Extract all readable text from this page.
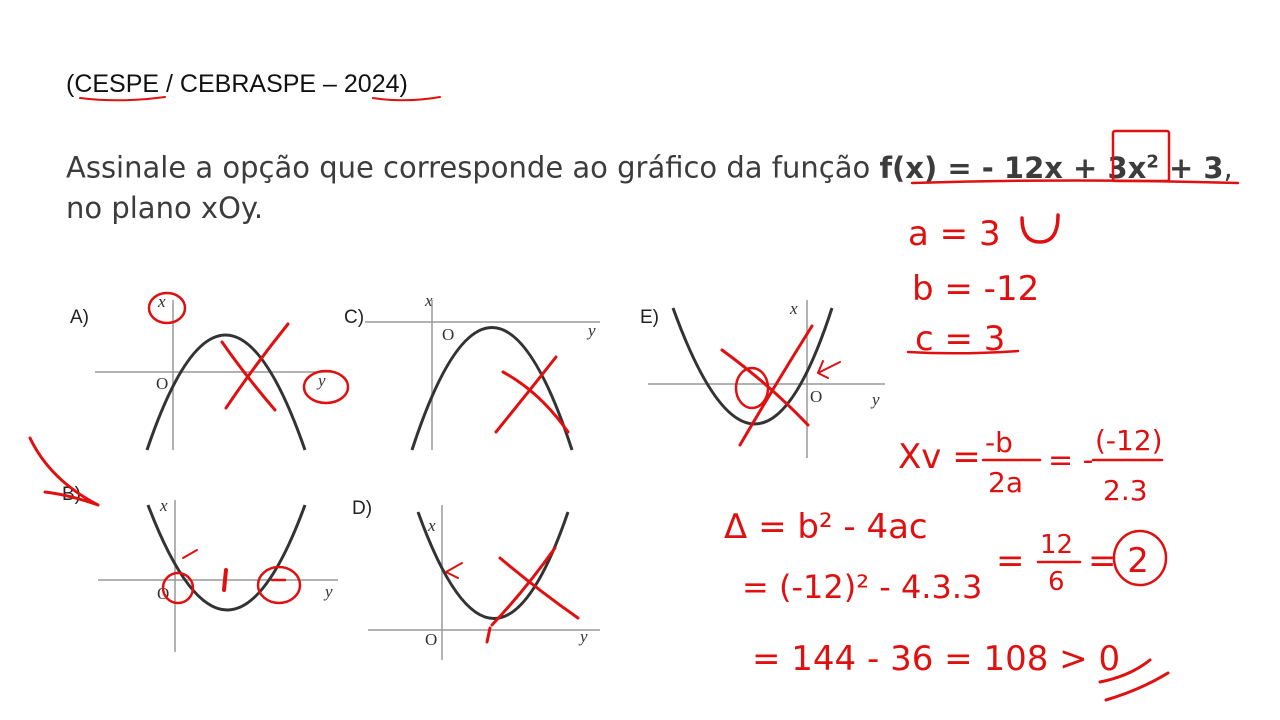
(CESPE / CEBRASPE – 2024)
Assinale a opção que corresponde ao gráfico da função f(x) = - $12x + 3x^2 + 3$, no plano xOy.
A)
B)
C)
D)
E)
x
y
O
x
y
O
x
y
O
x
y
O
x
y
O
a = 3
b = -12
c = 3
Xv = -b
2a
= -
(-12)
2.3
= 12
6
= 2
Δ = b² - 4ac
= (-12)² - 4.3.3
= 144 - 36 = 108 > 0
